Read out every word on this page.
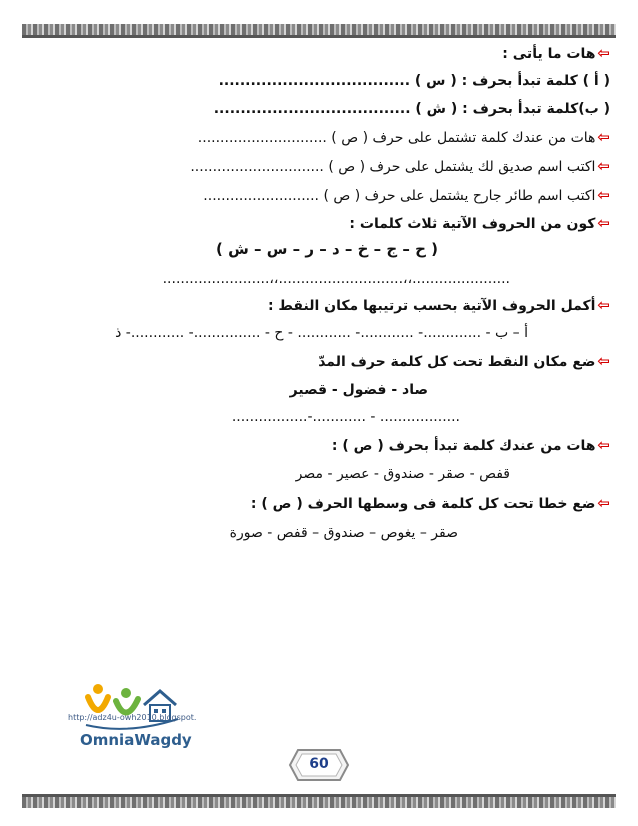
⇦هات ما يأتى :
( أ ) كلمة تبدأ بحرف : ( س ) ....................................
( ب)كلمة تبدأ بحرف : ( ش ) .....................................
⇦هات من عندك كلمة تشتمل على حرف ( ص ) .............................
⇦اكتب اسم صديق لك يشتمل على حرف ( ص ) ..............................
⇦اكتب اسم طائر جارح يشتمل على حرف ( ص ) ..........................
⇦كون من الحروف الآتية ثلاث كلمات :
( ح – ج – خ – د – ر – س – ش )
......................،،............................،،........................
⇦أكمل الحروف الآتية بحسب ترتيبها مكان النقط :
أ – ب - .............- ............- ............ - ح - ...............- ............- ذ
⇦ضع مكان النقط تحت كل كلمة حرف المدّ
صاد - فضول - قصير
.................. - ............-.................
⇦هات من عندك كلمة تبدأ بحرف ( ص ) :
قفص - صقر - صندوق - عصير - مصر
⇦ضع خطا تحت كل كلمة فى وسطها الحرف ( ص ) :
صقر – يغوص – صندوق – قفص - صورة
http://adz4u-owh2010.blogspot.
OmniaWagdy
60
